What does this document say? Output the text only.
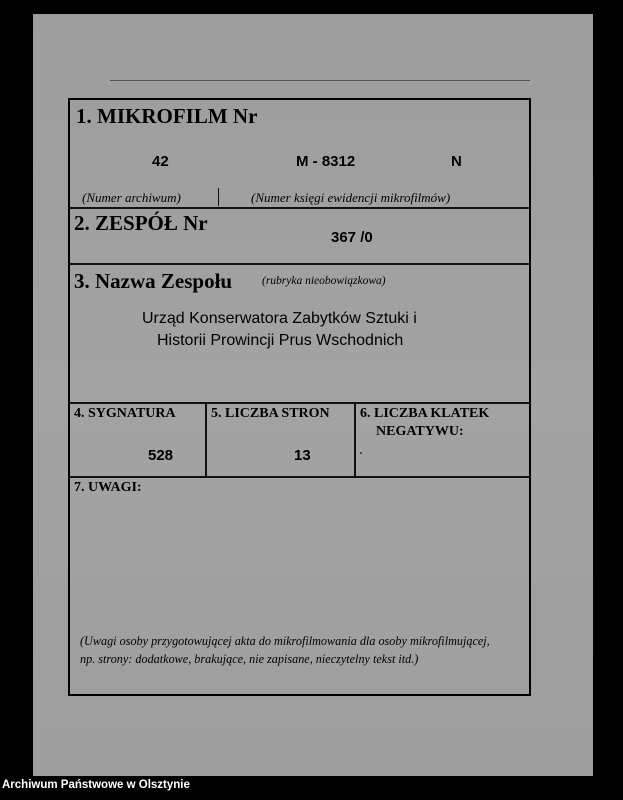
1. MIKROFILM Nr
42	M - 8312	N
(Numer archiwum)	(Numer księgi ewidencji mikrofilmów)
2. ZESPÓŁ Nr
367 /0
3. Nazwa Zespołu	(rubryka nieobowiązkowa)
Urząd Konserwatora Zabytków Sztuki i
Historii Prowincji Prus Wschodnich
4. SYGNATURA
528
5. LICZBA STRON
13
6. LICZBA KLATEK
NEGATYWU:
7. UWAGI:
(Uwagi osoby przygotowującej akta do mikrofilmowania dla osoby mikrofilmującej,
np. strony: dodatkowe, brakujące, nie zapisane, nieczytelny tekst itd.)
Archiwum Państwowe w Olsztynie
